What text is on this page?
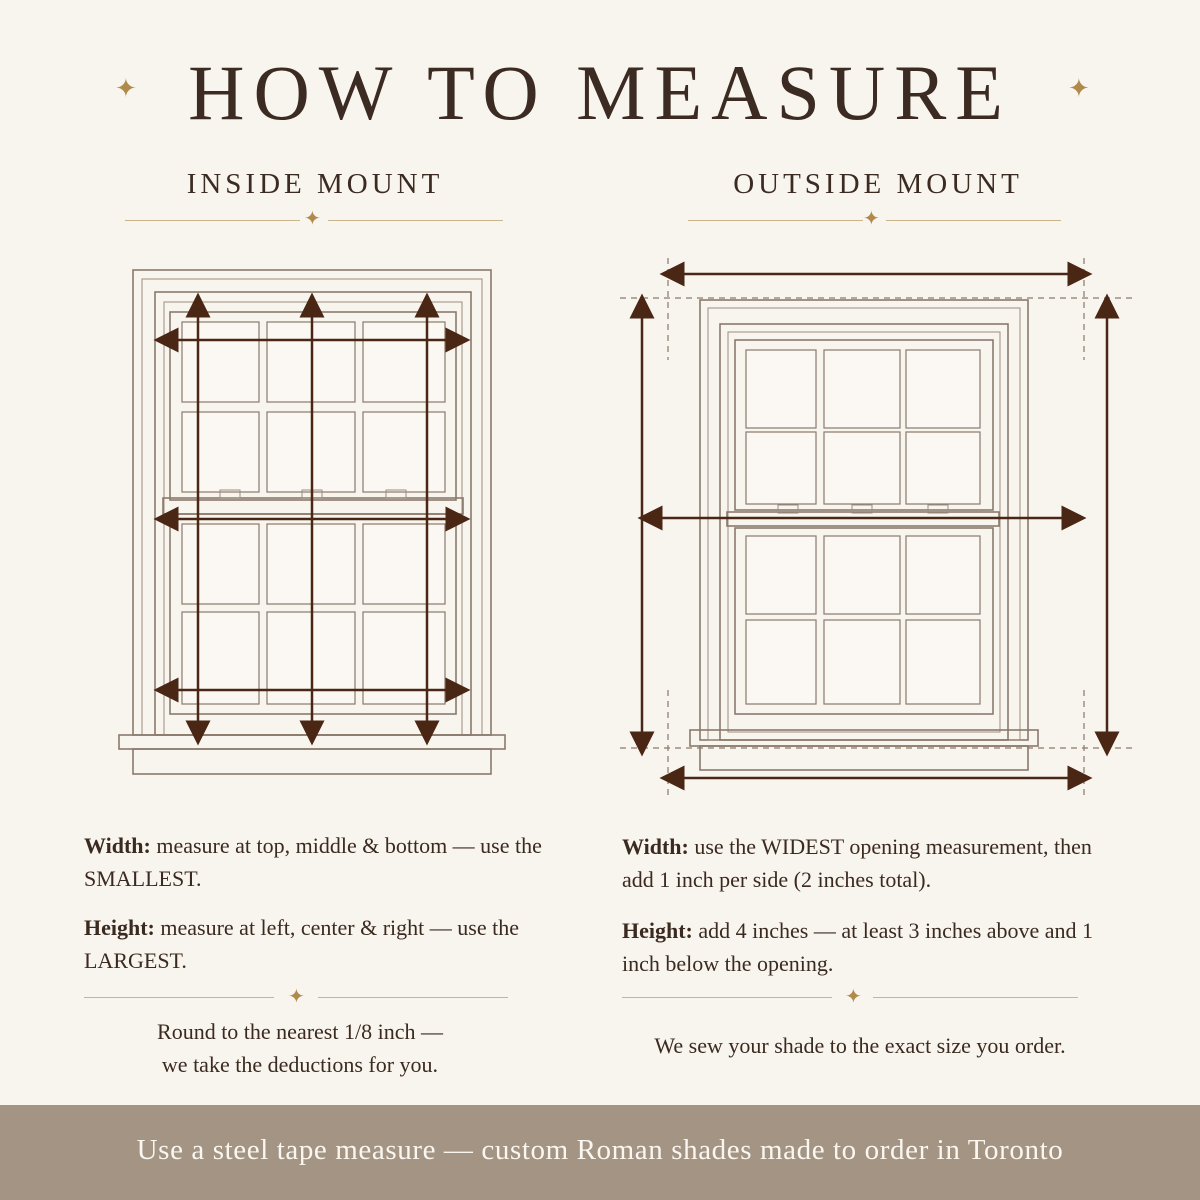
✦ HOW TO MEASURE	✦
INSIDE MOUNT	OUTSIDE MOUNT
✦	✦
Width: measure at top, middle & bottom — use the SMALLEST.
Height: measure at left, center & right — use the LARGEST.
✦
Round to the nearest 1/8 inch —
we take the deductions for you.
Width: use the WIDEST opening measurement, then add 1 inch per side (2 inches total).
Height: add 4 inches — at least 3 inches above and 1 inch below the opening.
✦
We sew your shade to the exact size you order.
Use a steel tape measure — custom Roman shades made to order in Toronto
